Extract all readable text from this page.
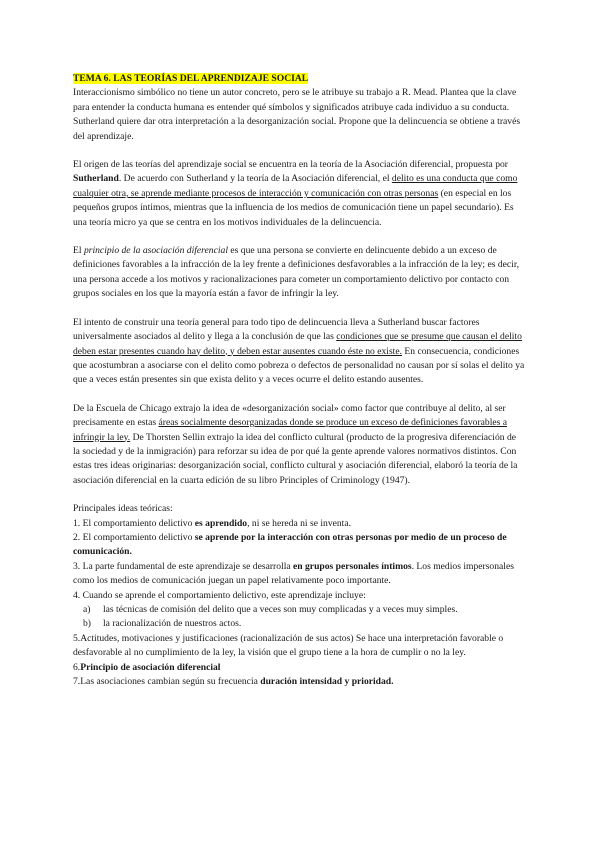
TEMA 6. LAS TEORÍAS DEL APRENDIZAJE SOCIAL

Interaccionismo simbólico no tiene un autor concreto, pero se le atribuye su trabajo a R. Mead. Plantea que la clave para entender la conducta humana es entender qué símbolos y significados atribuye cada individuo a su conducta. Sutherland quiere dar otra interpretación a la desorganización social. Propone que la delincuencia se obtiene a través del aprendizaje.

El origen de las teorías del aprendizaje social se encuentra en la teoría de la Asociación diferencial, propuesta por Sutherland. De acuerdo con Sutherland y la teoría de la Asociación diferencial, el delito es una conducta que como cualquier otra, se aprende mediante procesos de interacción y comunicación con otras personas (en especial en los pequeños grupos íntimos, mientras que la influencia de los medios de comunicación tiene un papel secundario). Es una teoría micro ya que se centra en los motivos individuales de la delincuencia.

El principio de la asociación diferencial es que una persona se convierte en delincuente debido a un exceso de definiciones favorables a la infracción de la ley frente a definiciones desfavorables a la infracción de la ley; es decir, una persona accede a los motivos y racionalizaciones para cometer un comportamiento delictivo por contacto con grupos sociales en los que la mayoría están a favor de infringir la ley.

El intento de construir una teoría general para todo tipo de delincuencia lleva a Sutherland buscar factores universalmente asociados al delito y llega a la conclusión de que las condiciones que se presume que causan el delito deben estar presentes cuando hay delito, y deben estar ausentes cuando éste no existe. En consecuencia, condiciones que acostumbran a asociarse con el delito como pobreza o defectos de personalidad no causan por sí solas el delito ya que a veces están presentes sin que exista delito y a veces ocurre el delito estando ausentes.

De la Escuela de Chicago extrajo la idea de «desorganización social» como factor que contribuye al delito, al ser precisamente en estas áreas socialmente desorganizadas donde se produce un exceso de definiciones favorables a infringir la ley. De Thorsten Sellin extrajo la idea del conflicto cultural (producto de la progresiva diferenciación de la sociedad y de la inmigración) para reforzar su idea de por qué la gente aprende valores normativos distintos. Con estas tres ideas originarias: desorganización social, conflicto cultural y asociación diferencial, elaboró la teoría de la asociación diferencial en la cuarta edición de su libro Principles of Criminology (1947).

Principales ideas teóricas:

1. El comportamiento delictivo es aprendido, ni se hereda ni se inventa.

2. El comportamiento delictivo se aprende por la interacción con otras personas por medio de un proceso de comunicación.

3. La parte fundamental de este aprendizaje se desarrolla en grupos personales íntimos. Los medios impersonales como los medios de comunicación juegan un papel relativamente poco importante.

4. Cuando se aprende el comportamiento delictivo, este aprendizaje incluye:

a) las técnicas de comisión del delito que a veces son muy complicadas y a veces muy simples.

b) la racionalización de nuestros actos.

5.Actitudes, motivaciones y justificaciones (racionalización de sus actos) Se hace una interpretación favorable o desfavorable al no cumplimiento de la ley, la visión que el grupo tiene a la hora de cumplir o no la ley.

6.Principio de asociación diferencial

7.Las asociaciones cambian según su frecuencia duración intensidad y prioridad.
